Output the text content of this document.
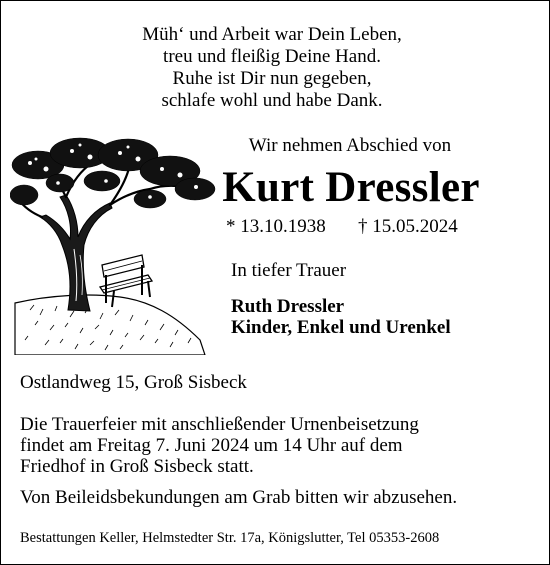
Müh‘ und Arbeit war Dein Leben,
treu und fleißig Deine Hand.
Ruhe ist Dir nun gegeben,
schlafe wohl und habe Dank.
Wir nehmen Abschied von
Kurt Dressler
* 13.10.1938 † 15.05.2024
In tiefer Trauer
Ruth Dressler
Kinder, Enkel und Urenkel
Ostlandweg 15, Groß Sisbeck
Die Trauerfeier mit anschließender Urnenbeisetzung
findet am Freitag 7. Juni 2024 um 14 Uhr auf dem
Friedhof in Groß Sisbeck statt.
Von Beileidsbekundungen am Grab bitten wir abzusehen.
Bestattungen Keller, Helmstedter Str. 17a, Königslutter, Tel 05353-2608
